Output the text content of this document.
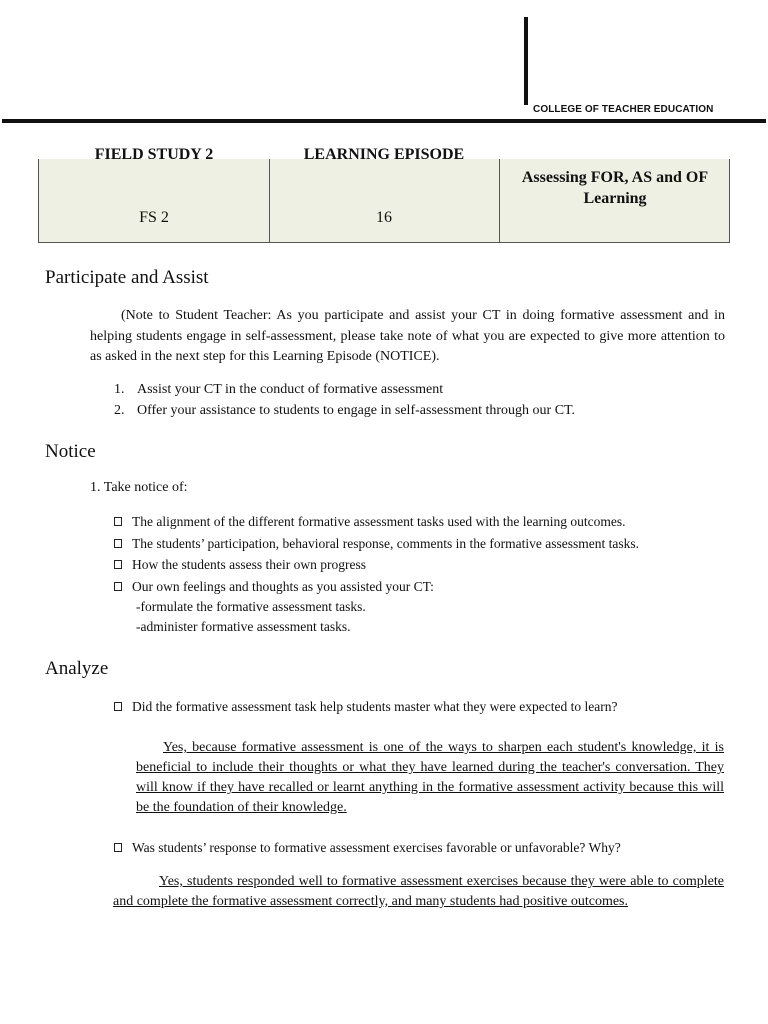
COLLEGE OF TEACHER EDUCATION
FIELD STUDY 2
FS 2
LEARNING EPISODE
16
Assessing FOR, AS and OF Learning
Participate and Assist

(Note to Student Teacher: As you participate and assist your CT in doing formative assessment and in helping students engage in self-assessment, please take note of what you are expected to give more attention to as asked in the next step for this Learning Episode (NOTICE).

1. Assist your CT in the conduct of formative assessment
2. Offer your assistance to students to engage in self-assessment through our CT.
Notice
1. Take notice of:
The alignment of the different formative assessment tasks used with the learning outcomes.
The students’ participation, behavioral response, comments in the formative assessment tasks.
How the students assess their own progress
Our own feelings and thoughts as you assisted your CT:
-formulate the formative assessment tasks.
-administer formative assessment tasks.
Analyze
Did the formative assessment task help students master what they were expected to learn?

Yes, because formative assessment is one of the ways to sharpen each student's knowledge, it is beneficial to include their thoughts or what they have learned during the teacher's conversation. They will know if they have recalled or learnt anything in the formative assessment activity because this will be the foundation of their knowledge.

Was students’ response to formative assessment exercises favorable or unfavorable? Why?

Yes, students responded well to formative assessment exercises because they were able to complete and complete the formative assessment correctly, and many students had positive outcomes.
